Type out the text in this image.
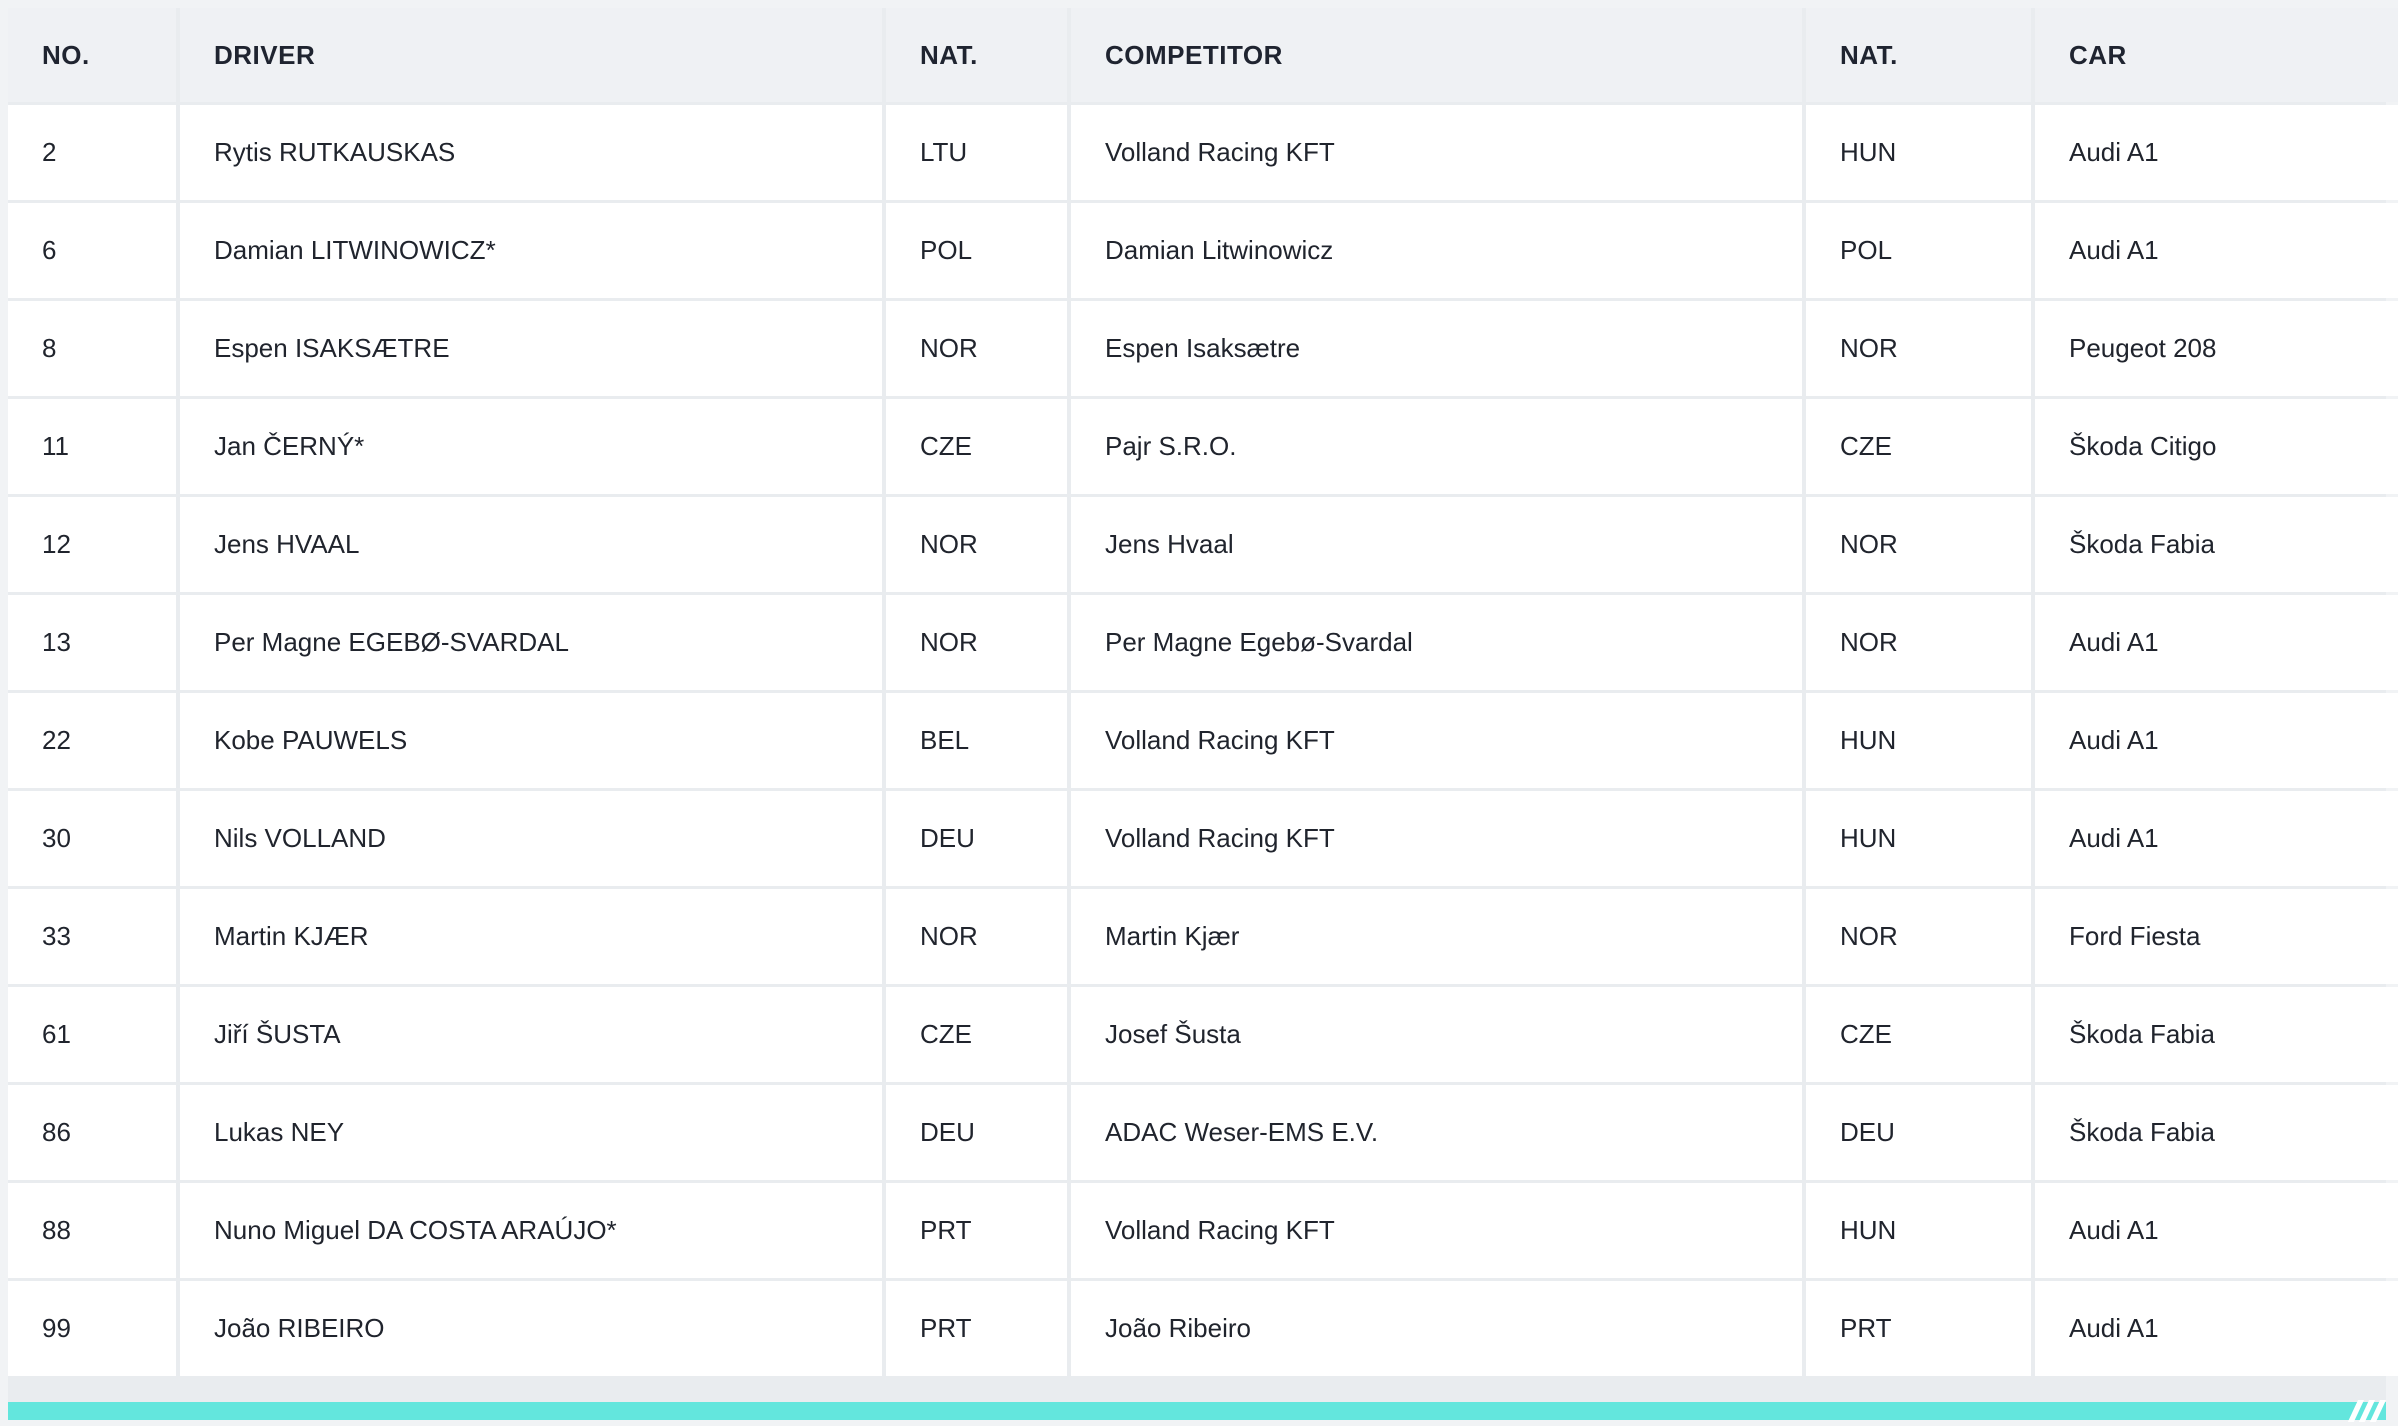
NO.	DRIVER	NAT.	COMPETITOR	NAT.	CAR
2	Rytis RUTKAUSKAS	LTU	Volland Racing KFT	HUN	Audi A1
6	Damian LITWINOWICZ*	POL	Damian Litwinowicz	POL	Audi A1
8	Espen ISAKSÆTRE	NOR	Espen Isaksætre	NOR	Peugeot 208
11	Jan ČERNÝ*	CZE	Pajr S.R.O.	CZE	Škoda Citigo
12	Jens HVAAL	NOR	Jens Hvaal	NOR	Škoda Fabia
13	Per Magne EGEBØ-SVARDAL	NOR	Per Magne Egebø-Svardal	NOR	Audi A1
22	Kobe PAUWELS	BEL	Volland Racing KFT	HUN	Audi A1
30	Nils VOLLAND	DEU	Volland Racing KFT	HUN	Audi A1
33	Martin KJÆR	NOR	Martin Kjær	NOR	Ford Fiesta
61	Jiří ŠUSTA	CZE	Josef Šusta	CZE	Škoda Fabia
86	Lukas NEY	DEU	ADAC Weser-EMS E.V.	DEU	Škoda Fabia
88	Nuno Miguel DA COSTA ARAÚJO*	PRT	Volland Racing KFT	HUN	Audi A1
99	João RIBEIRO	PRT	João Ribeiro	PRT	Audi A1
